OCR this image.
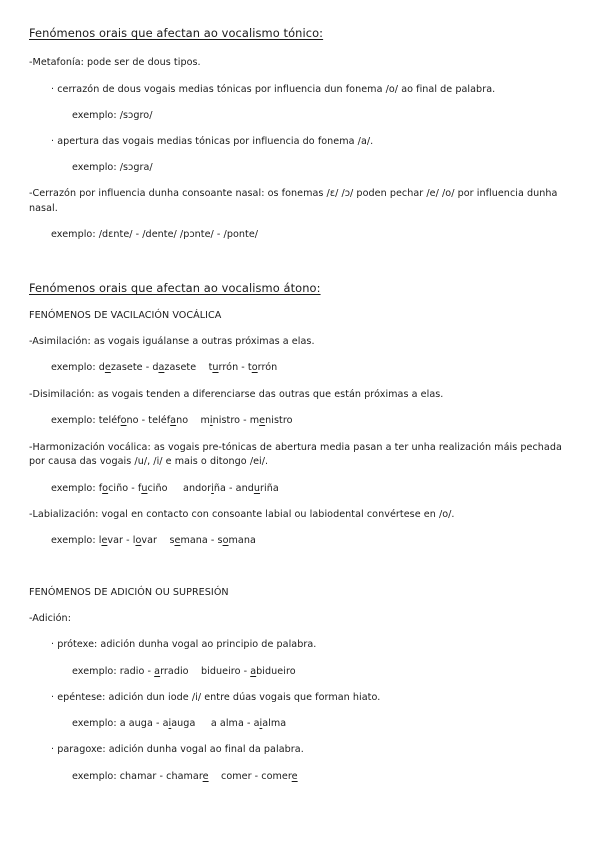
Fenómenos orais que afectan ao vocalismo tónico:
-Metafonía: pode ser de dous tipos.
· cerrazón de dous vogais medias tónicas por influencia dun fonema /o/ ao final de palabra.
exemplo: /sɔgro/
· apertura das vogais medias tónicas por influencia do fonema /a/.
exemplo: /sɔgra/
-Cerrazón por influencia dunha consoante nasal: os fonemas /ɛ/ /ɔ/ poden pechar /e/ /o/ por influencia dunha
nasal.
exemplo: /dɛnte/ - /dente/ /pɔnte/ - /ponte/
Fenómenos orais que afectan ao vocalismo átono:
FENÓMENOS DE VACILACIÓN VOCÁLICA
-Asimilación: as vogais iguálanse a outras próximas a elas.
exemplo: dezasete - dazasete    turrón - torrón
-Disimilación: as vogais tenden a diferenciarse das outras que están próximas a elas.
exemplo: teléfono - teléfano    ministro - menistro
-Harmonización vocálica: as vogais pre-tónicas de abertura media pasan a ter unha realización máis pechada
por causa das vogais /u/, /i/ e mais o ditongo /ei/.
exemplo: fociño - fuciño     andoriña - anduriña
-Labialización: vogal en contacto con consoante labial ou labiodental convértese en /o/.
exemplo: levar - lovar    semana - somana
FENÓMENOS DE ADICIÓN OU SUPRESIÓN
-Adición:
· prótexe: adición dunha vogal ao principio de palabra.
exemplo: radio - arradio    bidueiro - abidueiro
· epéntese: adición dun iode /i/ entre dúas vogais que forman hiato.
exemplo: a auga - aiauga     a alma - aialma
· paragoxe: adición dunha vogal ao final da palabra.
exemplo: chamar - chamare    comer - comere
